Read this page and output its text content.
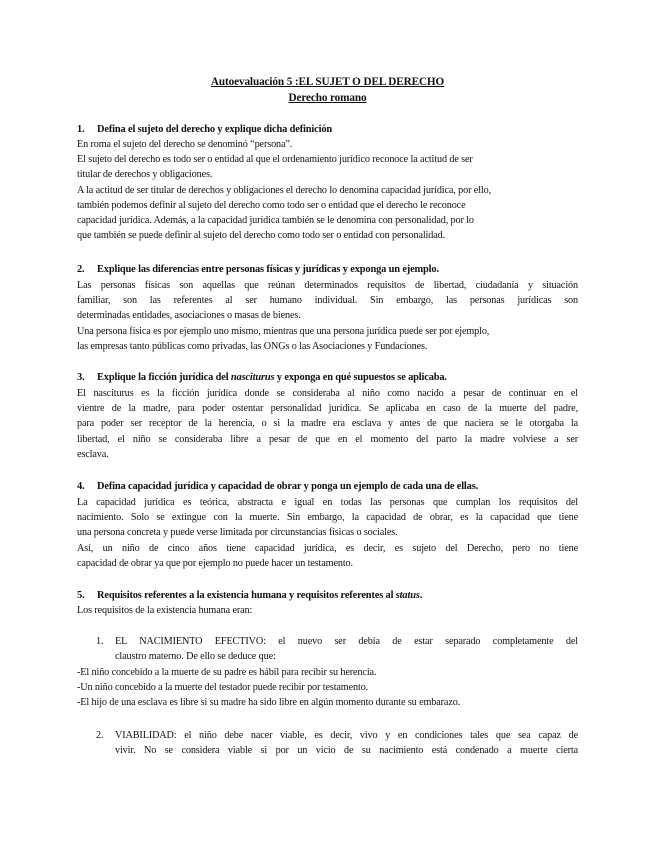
Autoevaluación 5 :EL SUJET O DEL DERECHO
Derecho romano
1. Defina el sujeto del derecho y explique dicha definición
En roma el sujeto del derecho se denominó “persona”.
El sujeto del derecho es todo ser o entidad al que el ordenamiento jurídico reconoce la actitud de ser
titular de derechos y obligaciones.
A la actitud de ser titular de derechos y obligaciones el derecho lo denomina capacidad jurídica, por ello,
también podemos definir al sujeto del derecho como todo ser o entidad que el derecho le reconoce
capacidad jurídica. Además, a la capacidad jurídica también se le denomina con personalidad, por lo
que también se puede definir al sujeto del derecho como todo ser o entidad con personalidad.
2. Explique las diferencias entre personas físicas y jurídicas y exponga un ejemplo.
Las personas físicas son aquellas que reúnan determinados requisitos de libertad, ciudadanía y situación
familiar, son las referentes al ser humano individual. Sin embargo, las personas jurídicas son
determinadas entidades, asociaciones o masas de bienes.
Una persona física es por ejemplo uno mismo, mientras que una persona jurídica puede ser por ejemplo,
las empresas tanto públicas como privadas, las ONGs o las Asociaciones y Fundaciones.
3. Explique la ficción jurídica del nasciturus y exponga en qué supuestos se aplicaba.
El nasciturus es la ficción jurídica donde se consideraba al niño como nacido a pesar de continuar en el
vientre de la madre, para poder ostentar personalidad jurídica. Se aplicaba en caso de la muerte del padre,
para poder ser receptor de la herencia, o si la madre era esclava y antes de que naciera se le otorgaba la
libertad, el niño se consideraba libre a pesar de que en el momento del parto la madre volviese a ser
esclava.
4. Defina capacidad jurídica y capacidad de obrar y ponga un ejemplo de cada una de ellas.
La capacidad jurídica es teórica, abstracta e igual en todas las personas que cumplan los requisitos del
nacimiento. Solo se extingue con la muerte. Sin embargo, la capacidad de obrar, es la capacidad que tiene
una persona concreta y puede verse limitada por circunstancias físicas o sociales.
Así, un niño de cinco años tiene capacidad jurídica, es decir, es sujeto del Derecho, pero no tiene
capacidad de obrar ya que por ejemplo no puede hacer un testamento.
5. Requisitos referentes a la existencia humana y requisitos referentes al status.
Los requisitos de la existencia humana eran:
1. EL NACIMIENTO EFECTIVO: el nuevo ser debía de estar separado completamente del
claustro materno. De ello se deduce que:
-El niño concebido a la muerte de su padre es hábil para recibir su herencia.
-Un niño concebido a la muerte del testador puede recibir por testamento.
-El hijo de una esclava es libre si su madre ha sido libre en algún momento durante su embarazo.
2. VIABILIDAD: el niño debe nacer viable, es decir, vivo y en condiciones tales que sea capaz de
vivir. No se considera viable si por un vicio de su nacimiento está condenado a muerte cierta
